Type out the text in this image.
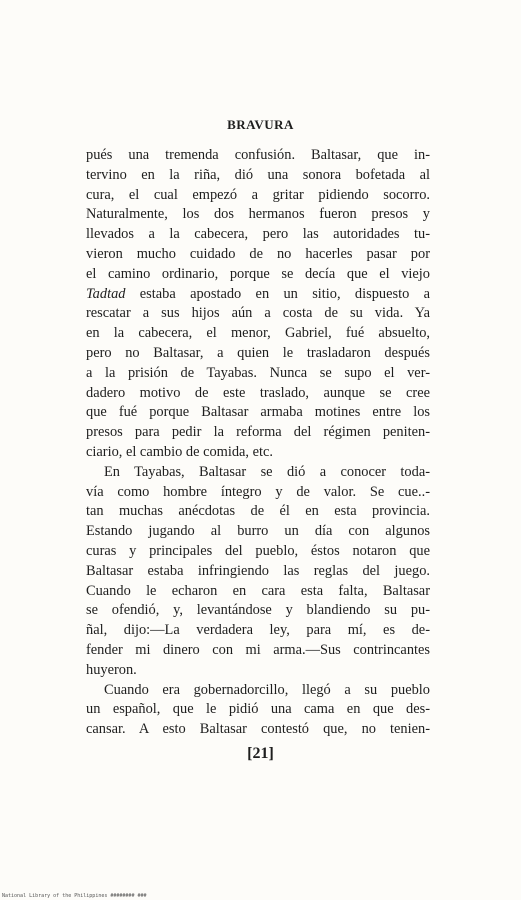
BRAVURA
pués una tremenda confusión. Baltasar, que in-
tervino en la riña, dió una sonora bofetada al
cura, el cual empezó a gritar pidiendo socorro.
Naturalmente, los dos hermanos fueron presos y
llevados a la cabecera, pero las autoridades tu-
vieron mucho cuidado de no hacerles pasar por
el camino ordinario, porque se decía que el viejo
Tadtad estaba apostado en un sitio, dispuesto a
rescatar a sus hijos aún a costa de su vida. Ya
en la cabecera, el menor, Gabriel, fué absuelto,
pero no Baltasar, a quien le trasladaron después
a la prisión de Tayabas. Nunca se supo el ver-
dadero motivo de este traslado, aunque se cree
que fué porque Baltasar armaba motines entre los
presos para pedir la reforma del régimen peniten-
ciario, el cambio de comida, etc.
En Tayabas, Baltasar se dió a conocer toda-
vía como hombre íntegro y de valor. Se cue..-
tan muchas anécdotas de él en esta provincia.
Estando jugando al burro un día con algunos
curas y principales del pueblo, éstos notaron que
Baltasar estaba infringiendo las reglas del juego.
Cuando le echaron en cara esta falta, Baltasar
se ofendió, y, levantándose y blandiendo su pu-
ñal, dijo:—La verdadera ley, para mí, es de-
fender mi dinero con mi arma.—Sus contrincantes
huyeron.
Cuando era gobernadorcillo, llegó a su pueblo
un español, que le pidió una cama en que des-
cansar. A esto Baltasar contestó que, no tenien-
[21]
National Library of the Philippines ######## ###
